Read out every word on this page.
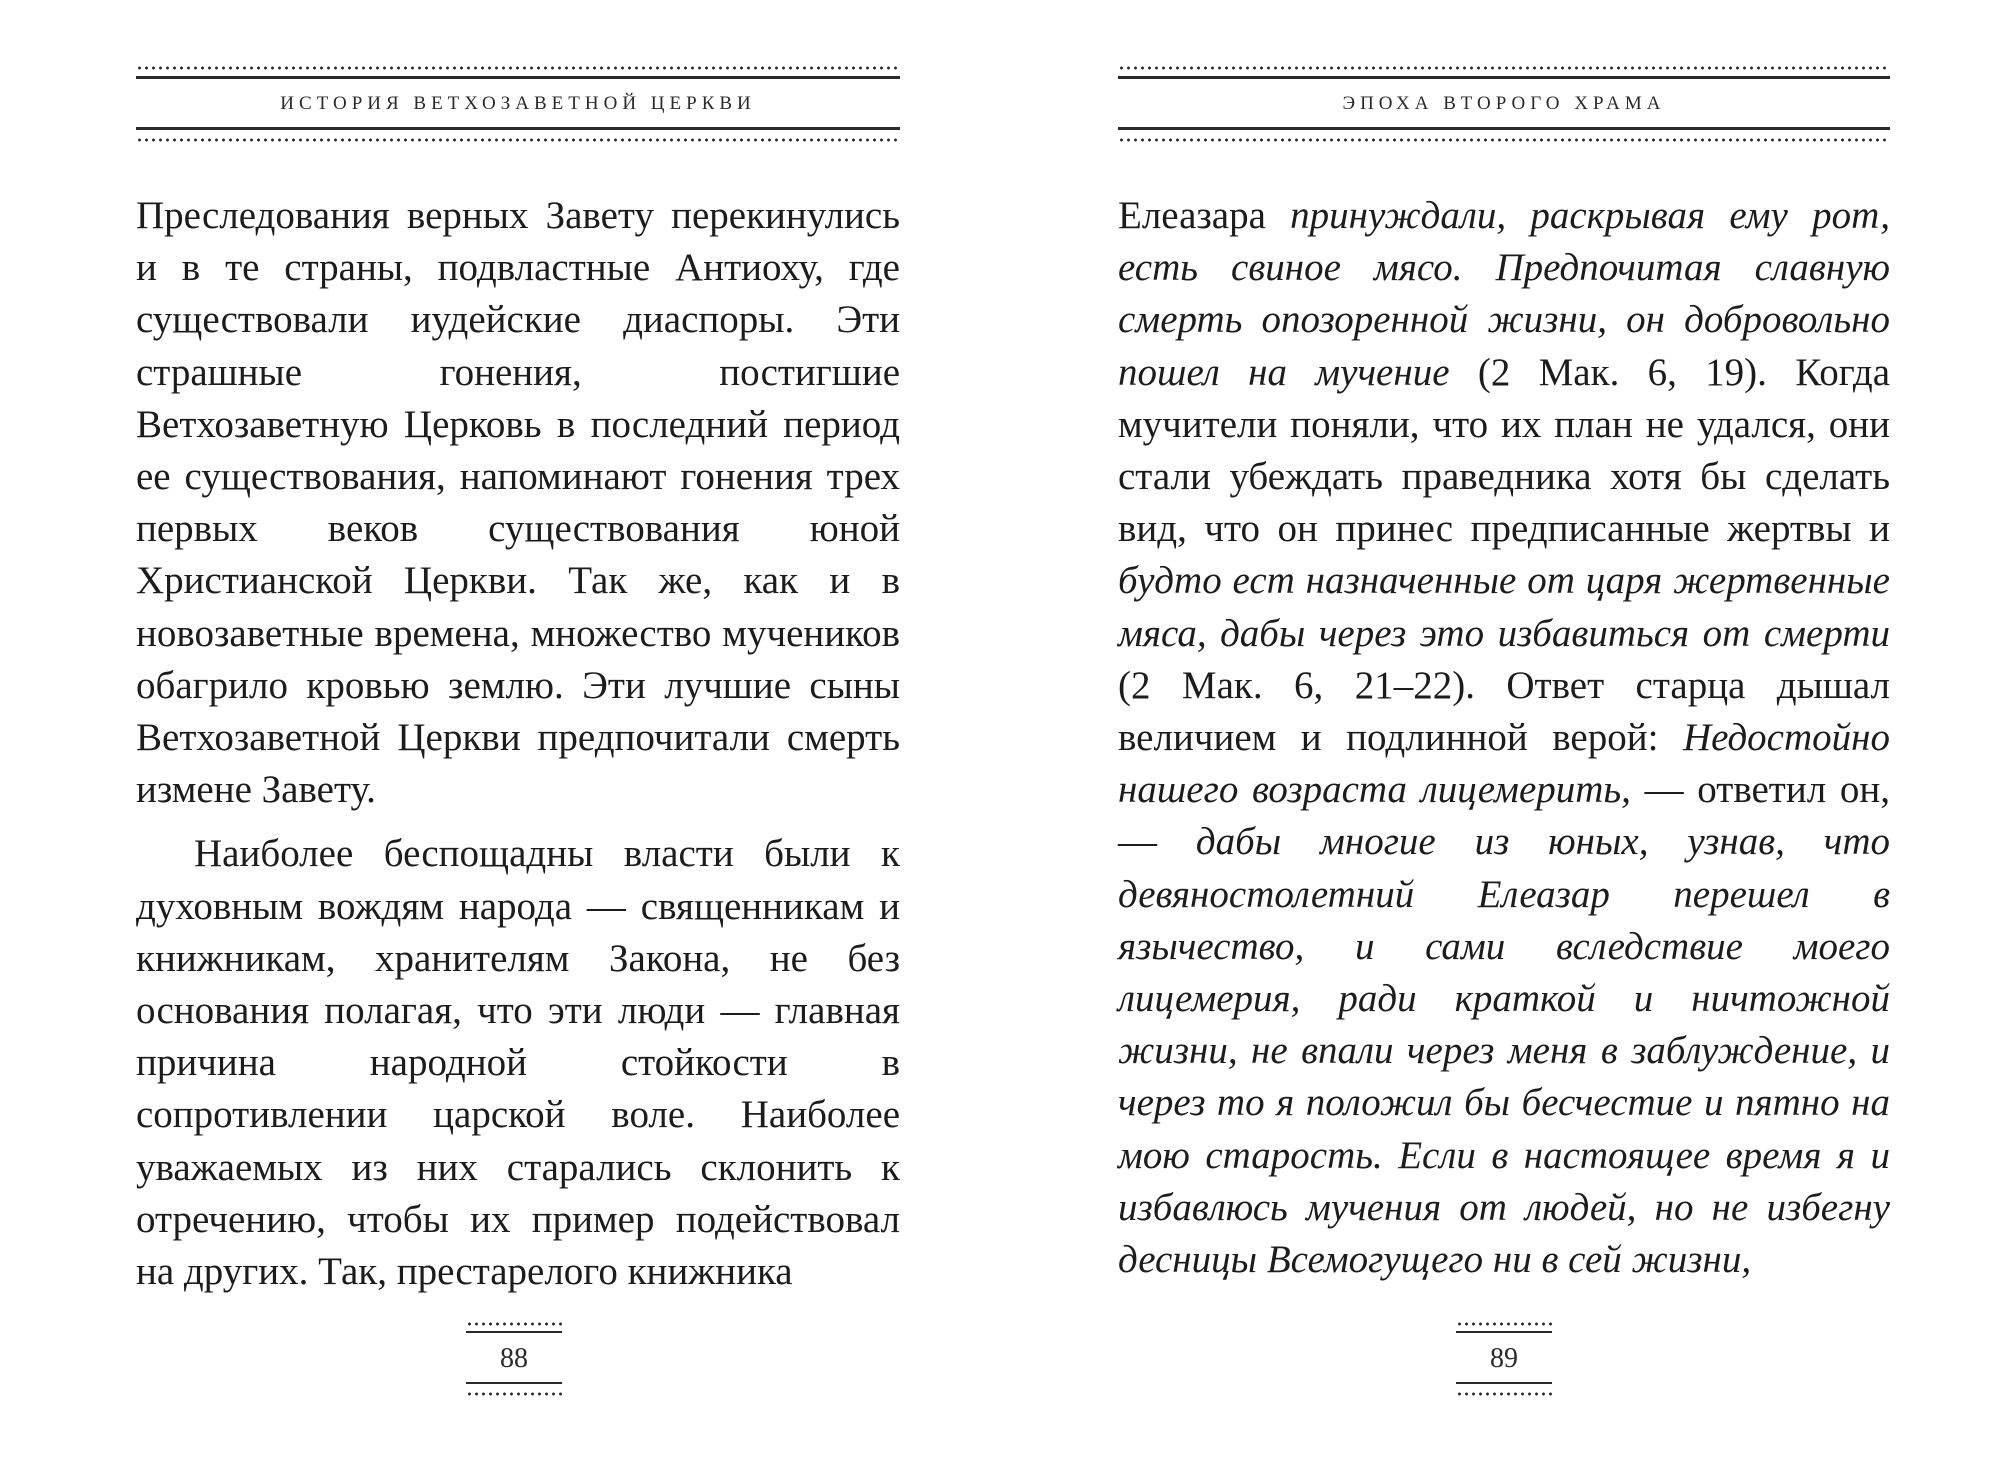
ИСТОРИЯ ВЕТХОЗАВЕТНОЙ ЦЕРКВИ

Преследования верных Завету перекинулись и в те страны, подвластные Антиоху, где существовали иудейские диаспоры. Эти страшные гонения, постигшие Ветхозаветную Церковь в последний период ее существования, напоминают гонения трех первых веков существования юной Христианской Церкви. Так же, как и в новозаветные времена, множество мучеников обагрило кровью землю. Эти лучшие сыны Ветхозаветной Церкви предпочитали смерть измене Завету.

Наиболее беспощадны власти были к духовным вождям народа — священникам и книжникам, хранителям Закона, не без основания полагая, что эти люди — главная причина народной стойкости в сопротивлении царской воле. Наиболее уважаемых из них старались склонить к отречению, чтобы их пример подействовал на других. Так, престарелого книжника

88
ЭПОХА ВТОРОГО ХРАМА

Елеазара принуждали, раскрывая ему рот, есть свиное мясо. Предпочитая славную смерть опозоренной жизни, он добровольно пошел на мучение (2 Мак. 6, 19). Когда мучители поняли, что их план не удался, они стали убеждать праведника хотя бы сделать вид, что он принес предписанные жертвы и будто ест назначенные от царя жертвенные мяса, дабы через это избавиться от смерти (2 Мак. 6, 21–22). Ответ старца дышал величием и подлинной верой: Недостойно нашего возраста лицемерить, — ответил он, — дабы многие из юных, узнав, что девяностолетний Елеазар перешел в язычество, и сами вследствие моего лицемерия, ради краткой и ничтожной жизни, не впали через меня в заблуждение, и через то я положил бы бесчестие и пятно на мою старость. Если в настоящее время я и избавлюсь мучения от людей, но не избегну десницы Всемогущего ни в сей жизни,

89
